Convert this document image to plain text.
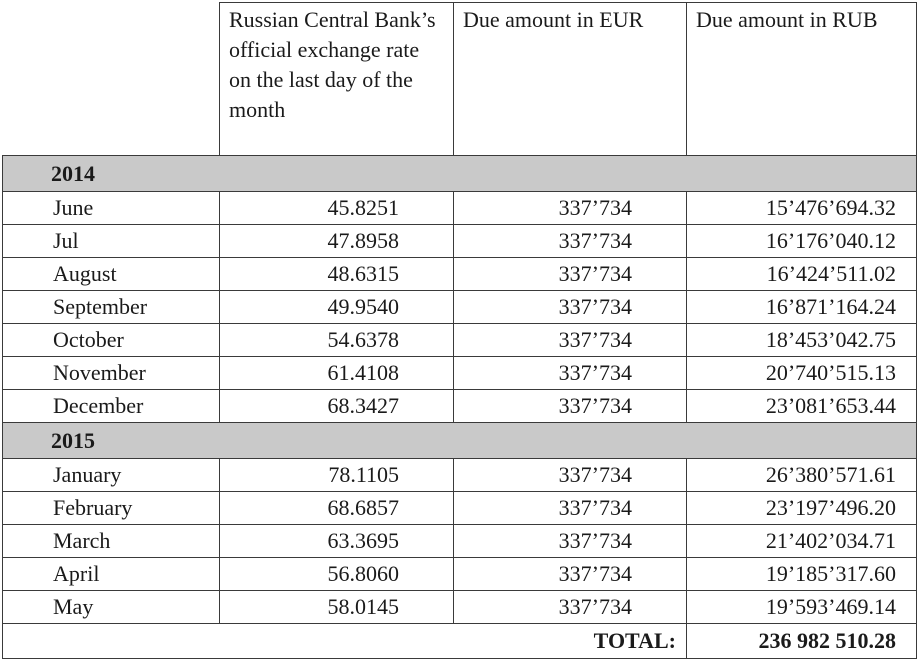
	Russian Central Bank’s official exchange rate on the last day of the month	Due amount in EUR	Due amount in RUB
2014			
June	45.8251	337’734	15’476’694.32
Jul	47.8958	337’734	16’176’040.12
August	48.6315	337’734	16’424’511.02
September	49.9540	337’734	16’871’164.24
October	54.6378	337’734	18’453’042.75
November	61.4108	337’734	20’740’515.13
December	68.3427	337’734	23’081’653.44
2015			
January	78.1105	337’734	26’380’571.61
February	68.6857	337’734	23’197’496.20
March	63.3695	337’734	21’402’034.71
April	56.8060	337’734	19’185’317.60
May	58.0145	337’734	19’593’469.14
TOTAL:			236 982 510.28
